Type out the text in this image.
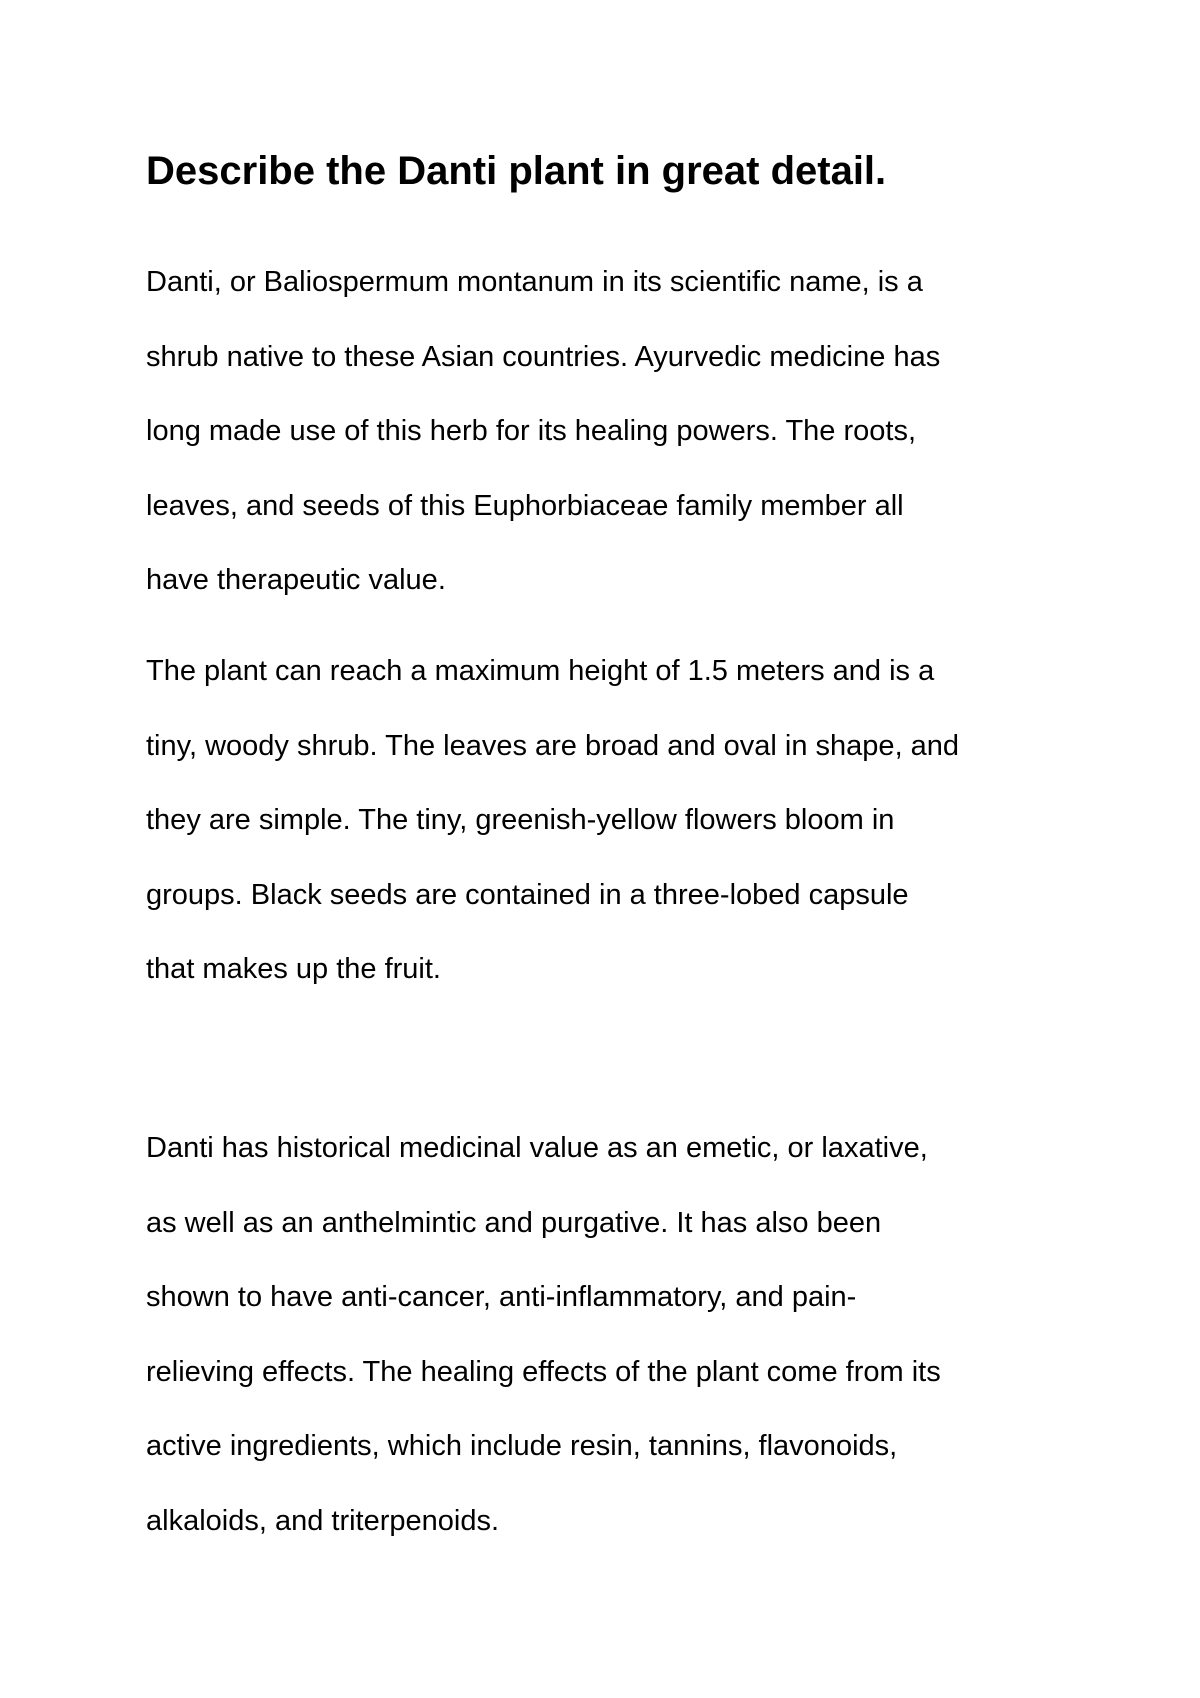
Describe the Danti plant in great detail.

Danti, or Baliospermum montanum in its scientific name, is a
shrub native to these Asian countries. Ayurvedic medicine has
long made use of this herb for its healing powers. The roots,
leaves, and seeds of this Euphorbiaceae family member all
have therapeutic value.

The plant can reach a maximum height of 1.5 meters and is a
tiny, woody shrub. The leaves are broad and oval in shape, and
they are simple. The tiny, greenish-yellow flowers bloom in
groups. Black seeds are contained in a three-lobed capsule
that makes up the fruit.

Danti has historical medicinal value as an emetic, or laxative,
as well as an anthelmintic and purgative. It has also been
shown to have anti-cancer, anti-inflammatory, and pain-
relieving effects. The healing effects of the plant come from its
active ingredients, which include resin, tannins, flavonoids,
alkaloids, and triterpenoids.
